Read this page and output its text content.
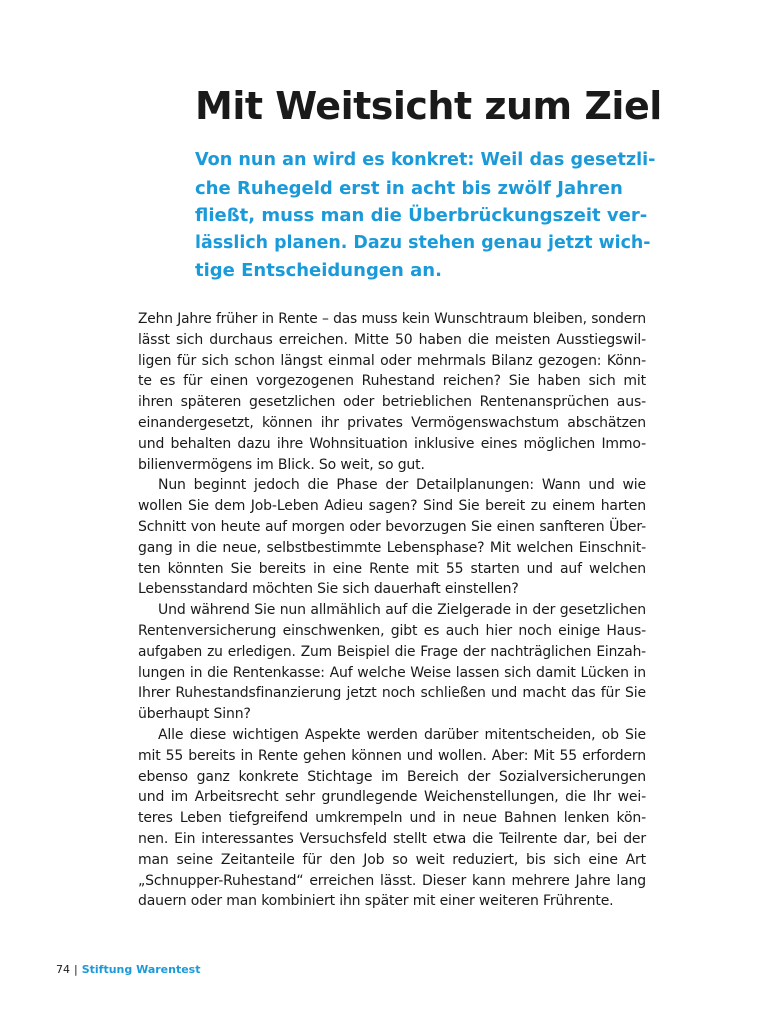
Mit Weitsicht zum Ziel
Von nun an wird es konkret: Weil das gesetzli-
che Ruhegeld erst in acht bis zwölf Jahren
fließt, muss man die Überbrückungszeit ver-
lässlich planen. Dazu stehen genau jetzt wich-
tige Entscheidungen an.
Zehn Jahre früher in Rente – das muss kein Wunschtraum bleiben, sondern
lässt sich durchaus erreichen. Mitte 50 haben die meisten Ausstiegswil-
ligen für sich schon längst einmal oder mehrmals Bilanz gezogen: Könn-
te es für einen vorgezogenen Ruhestand reichen? Sie haben sich mit
ihren späteren gesetzlichen oder betrieblichen Rentenansprüchen aus-
einandergesetzt, können ihr privates Vermögenswachstum abschätzen
und behalten dazu ihre Wohnsituation inklusive eines möglichen Immo-
bilienvermögens im Blick. So weit, so gut.
Nun beginnt jedoch die Phase der Detailplanungen: Wann und wie
wollen Sie dem Job-Leben Adieu sagen? Sind Sie bereit zu einem harten
Schnitt von heute auf morgen oder bevorzugen Sie einen sanfteren Über-
gang in die neue, selbstbestimmte Lebensphase? Mit welchen Einschnit-
ten könnten Sie bereits in eine Rente mit 55 starten und auf welchen
Lebensstandard möchten Sie sich dauerhaft einstellen?
Und während Sie nun allmählich auf die Zielgerade in der gesetzlichen
Rentenversicherung einschwenken, gibt es auch hier noch einige Haus-
aufgaben zu erledigen. Zum Beispiel die Frage der nachträglichen Einzah-
lungen in die Rentenkasse: Auf welche Weise lassen sich damit Lücken in
Ihrer Ruhestandsfinanzierung jetzt noch schließen und macht das für Sie
überhaupt Sinn?
Alle diese wichtigen Aspekte werden darüber mitentscheiden, ob Sie
mit 55 bereits in Rente gehen können und wollen. Aber: Mit 55 erfordern
ebenso ganz konkrete Stichtage im Bereich der Sozialversicherungen
und im Arbeitsrecht sehr grundlegende Weichenstellungen, die Ihr wei-
teres Leben tiefgreifend umkrempeln und in neue Bahnen lenken kön-
nen. Ein interessantes Versuchsfeld stellt etwa die Teilrente dar, bei der
man seine Zeitanteile für den Job so weit reduziert, bis sich eine Art
„Schnupper-Ruhestand“ erreichen lässt. Dieser kann mehrere Jahre lang
dauern oder man kombiniert ihn später mit einer weiteren Frührente.
74 | Stiftung Warentest
